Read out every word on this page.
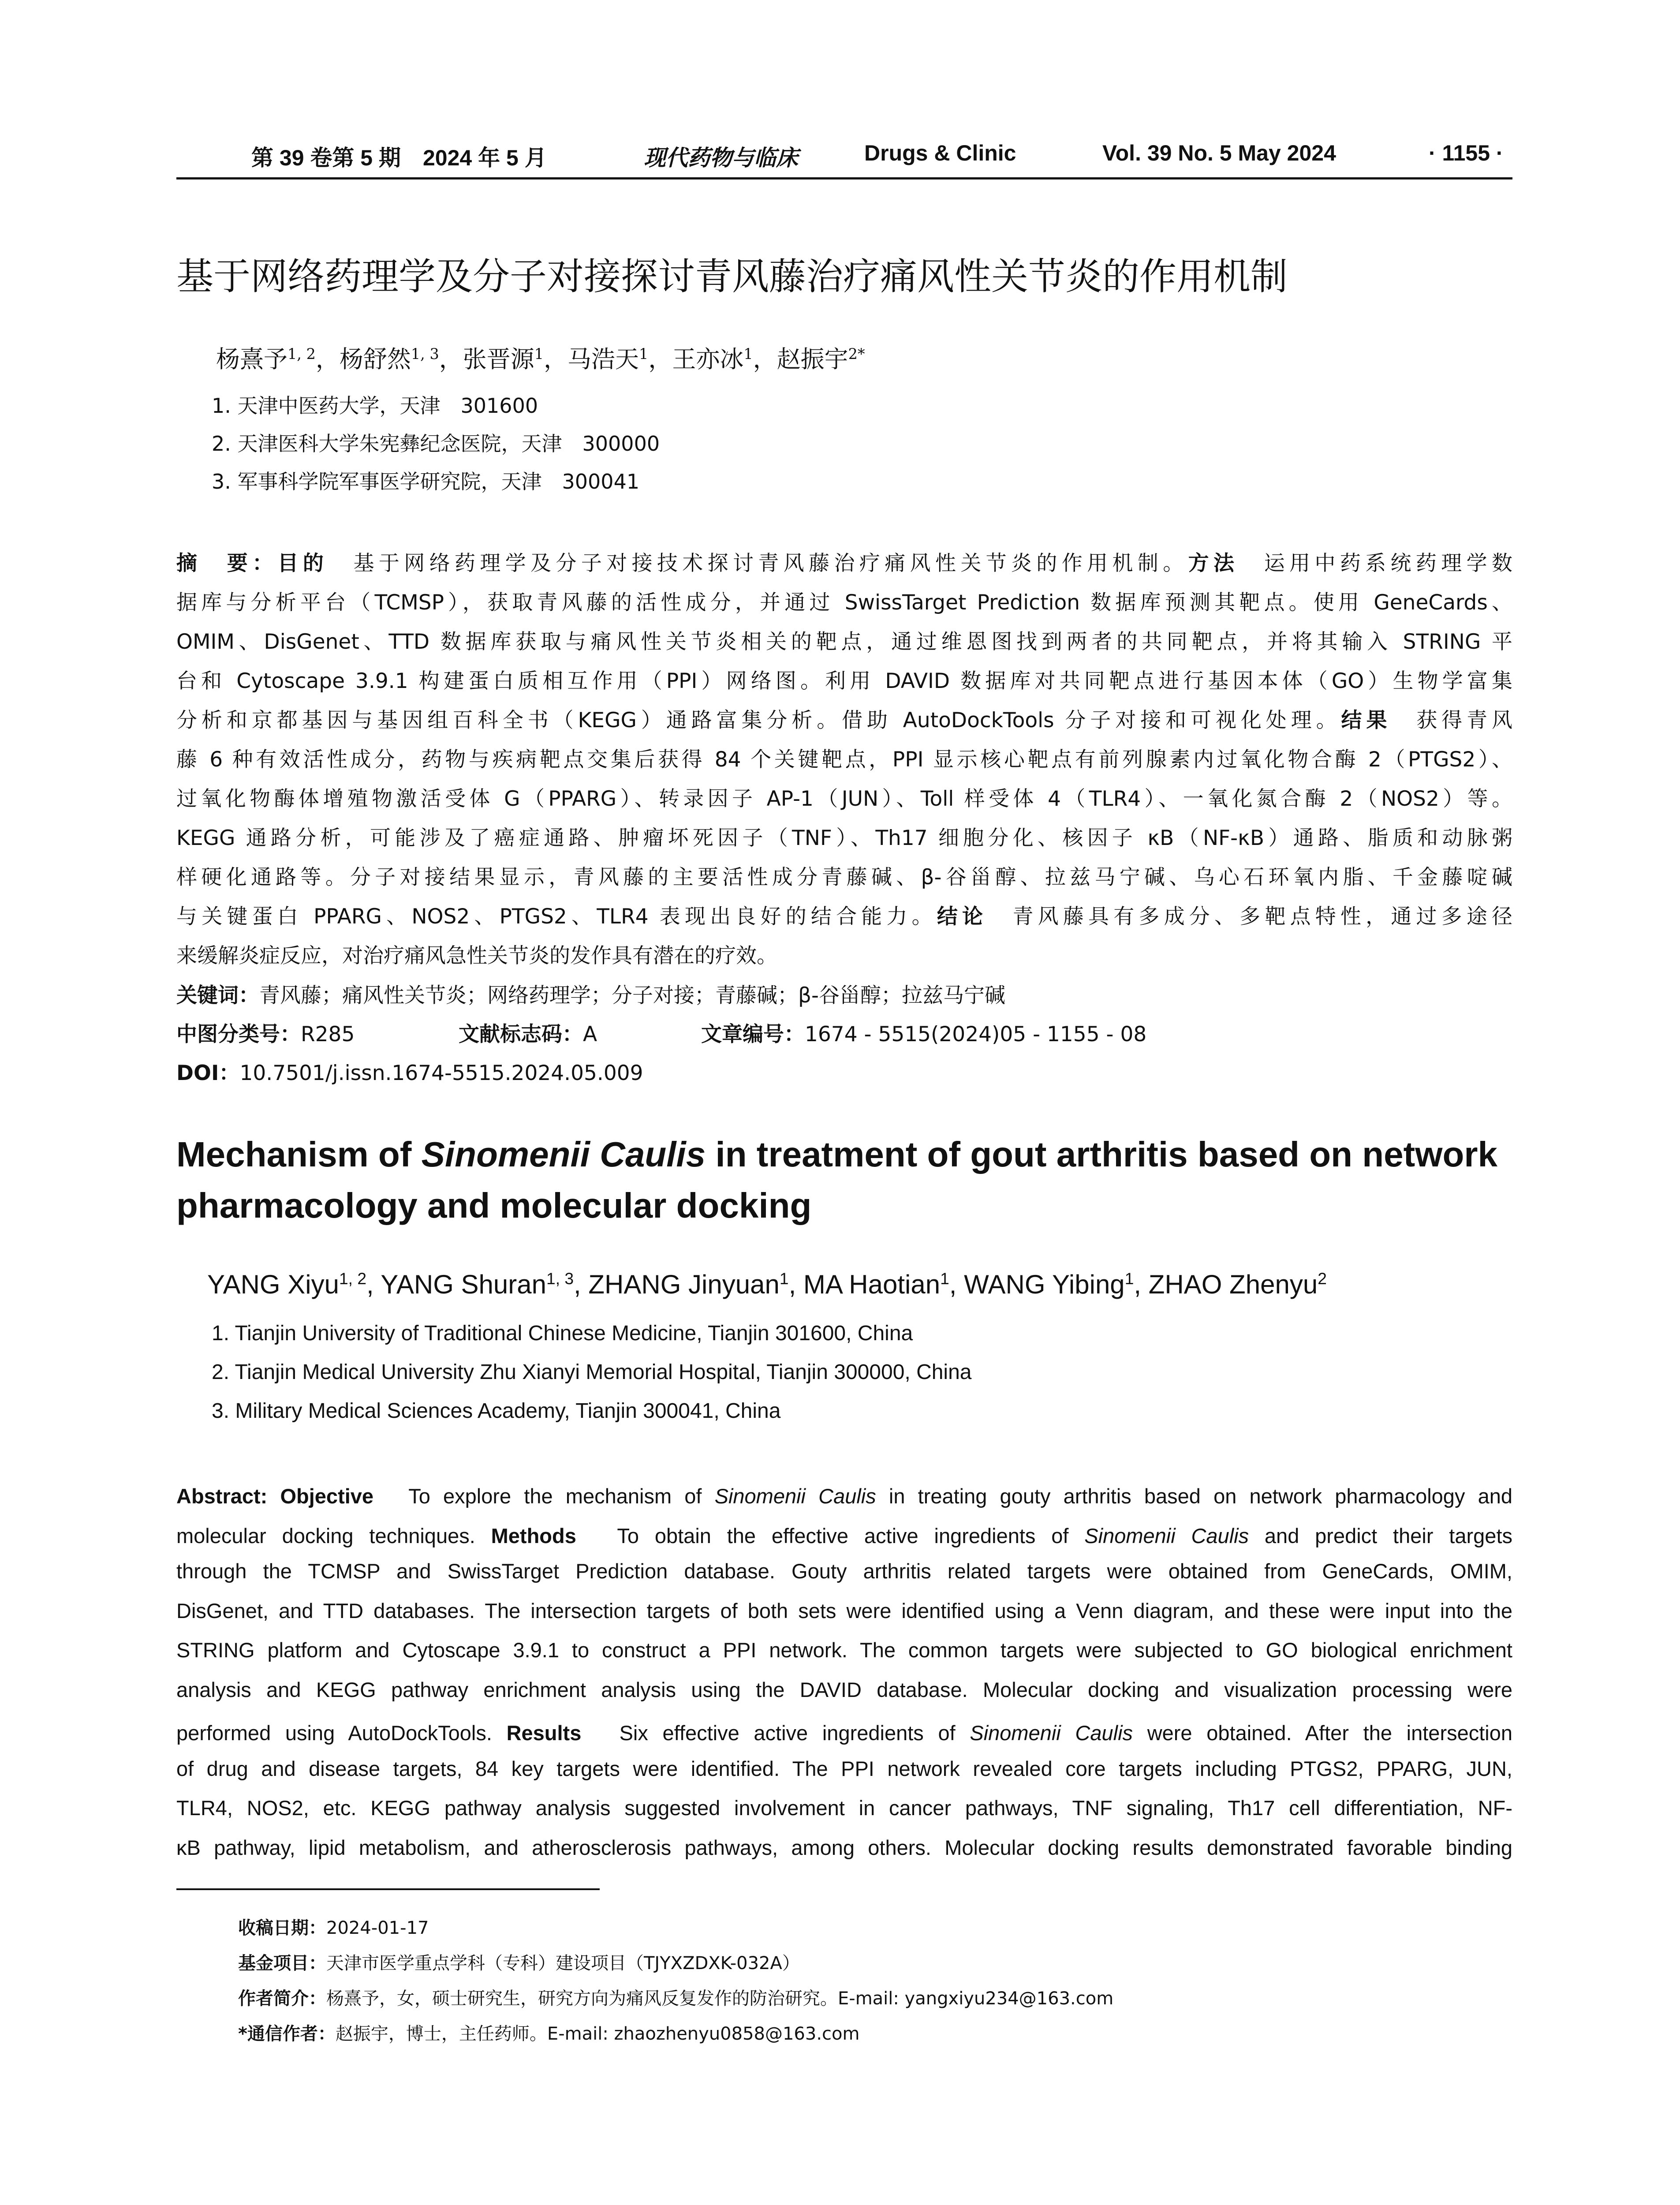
第 39 卷第 5 期　2024 年 5 月	现代药物与临床	Drugs & Clinic	Vol. 39 No. 5 May 2024	· 1155 ·
基于网络药理学及分子对接探讨青风藤治疗痛风性关节炎的作用机制
杨熹予$^{1, 2}$，杨舒然$^{1, 3}$，张晋源$^1$，马浩天$^1$，王亦冰$^1$，赵振宇$^{2*}$
1. 天津中医药大学，天津　301600
2. 天津医科大学朱宪彝纪念医院，天津　300000
3. 军事科学院军事医学研究院，天津　300041
摘　要：目的　基于网络药理学及分子对接技术探讨青风藤治疗痛风性关节炎的作用机制。方法　运用中药系统药理学数
据库与分析平台（TCMSP），获取青风藤的活性成分，并通过 SwissTarget Prediction 数据库预测其靶点。使用 GeneCards、
OMIM、DisGenet、TTD 数据库获取与痛风性关节炎相关的靶点，通过维恩图找到两者的共同靶点，并将其输入 STRING 平
台和 Cytoscape 3.9.1 构建蛋白质相互作用（PPI）网络图。利用 DAVID 数据库对共同靶点进行基因本体（GO）生物学富集
分析和京都基因与基因组百科全书（KEGG）通路富集分析。借助 AutoDockTools 分子对接和可视化处理。结果　获得青风
藤 6 种有效活性成分，药物与疾病靶点交集后获得 84 个关键靶点，PPI 显示核心靶点有前列腺素内过氧化物合酶 2（PTGS2）、
过氧化物酶体增殖物激活受体 G（PPARG）、转录因子 AP-1（JUN）、Toll 样受体 4（TLR4）、一氧化氮合酶 2（NOS2）等。
KEGG 通路分析，可能涉及了癌症通路、肿瘤坏死因子（TNF）、Th17 细胞分化、核因子 κB（NF-κB）通路、脂质和动脉粥
样硬化通路等。分子对接结果显示，青风藤的主要活性成分青藤碱、β-谷甾醇、拉兹马宁碱、乌心石环氧内脂、千金藤啶碱
与关键蛋白 PPARG、NOS2、PTGS2、TLR4 表现出良好的结合能力。结论　青风藤具有多成分、多靶点特性，通过多途径
来缓解炎症反应，对治疗痛风急性关节炎的发作具有潜在的疗效。
关键词：青风藤；痛风性关节炎；网络药理学；分子对接；青藤碱；β-谷甾醇；拉兹马宁碱
中图分类号：R285	文献标志码：A	文章编号：1674 - 5515(2024)05 - 1155 - 08
DOI：10.7501/j.issn.1674-5515.2024.05.009
Mechanism of Sinomenii Caulis in treatment of gout arthritis based on network pharmacology and molecular docking
YANG Xiyu$^{1, 2}$, YANG Shuran$^{1, 3}$, ZHANG Jinyuan$^1$, MA Haotian$^1$, WANG Yibing$^1$, ZHAO Zhenyu$^2$
1. Tianjin University of Traditional Chinese Medicine, Tianjin 301600, China
2. Tianjin Medical University Zhu Xianyi Memorial Hospital, Tianjin 300000, China
3. Military Medical Sciences Academy, Tianjin 300041, China
Abstract: Objective　To explore the mechanism of Sinomenii Caulis in treating gouty arthritis based on network pharmacology and
molecular docking techniques. Methods　To obtain the effective active ingredients of Sinomenii Caulis and predict their targets
through the TCMSP and SwissTarget Prediction database. Gouty arthritis related targets were obtained from GeneCards, OMIM,
DisGenet, and TTD databases. The intersection targets of both sets were identified using a Venn diagram, and these were input into the
STRING platform and Cytoscape 3.9.1 to construct a PPI network. The common targets were subjected to GO biological enrichment
analysis and KEGG pathway enrichment analysis using the DAVID database. Molecular docking and visualization processing were
performed using AutoDockTools. Results　Six effective active ingredients of Sinomenii Caulis were obtained. After the intersection
of drug and disease targets, 84 key targets were identified. The PPI network revealed core targets including PTGS2, PPARG, JUN,
TLR4, NOS2, etc. KEGG pathway analysis suggested involvement in cancer pathways, TNF signaling, Th17 cell differentiation, NF-
κB pathway, lipid metabolism, and atherosclerosis pathways, among others. Molecular docking results demonstrated favorable binding
收稿日期：2024-01-17
基金项目：天津市医学重点学科（专科）建设项目（TJYXZDXK-032A）
作者简介：杨熹予，女，硕士研究生，研究方向为痛风反复发作的防治研究。E-mail: yangxiyu234@163.com
*通信作者：赵振宇，博士，主任药师。E-mail: zhaozhenyu0858@163.com
